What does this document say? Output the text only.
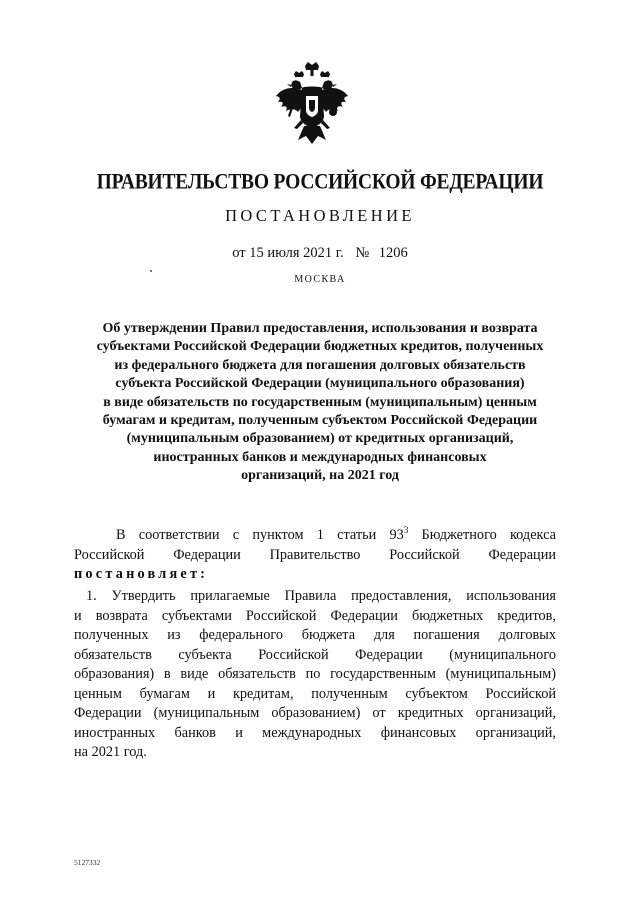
ПРАВИТЕЛЬСТВО РОССИЙСКОЙ ФЕДЕРАЦИИ
ПОСТАНОВЛЕНИЕ
от 15 июля 2021 г. № 1206
МОСКВА
Об утверждении Правил предоставления, использования и возврата
субъектами Российской Федерации бюджетных кредитов, полученных
из федерального бюджета для погашения долговых обязательств
субъекта Российской Федерации (муниципального образования)
в виде обязательств по государственным (муниципальным) ценным
бумагам и кредитам, полученным субъектом Российской Федерации
(муниципальным образованием) от кредитных организаций,
иностранных банков и международных финансовых
организаций, на 2021 год
В соответствии с пунктом 1 статьи $93^3$ Бюджетного кодекса
Российской Федерации Правительство Российской Федерации
постановляет:
1. Утвердить прилагаемые Правила предоставления, использования
и возврата субъектами Российской Федерации бюджетных кредитов,
полученных из федерального бюджета для погашения долговых
обязательств субъекта Российской Федерации (муниципального
образования) в виде обязательств по государственным (муниципальным)
ценным бумагам и кредитам, полученным субъектом Российской
Федерации (муниципальным образованием) от кредитных организаций,
иностранных банков и международных финансовых организаций,
на 2021 год.
5127332
